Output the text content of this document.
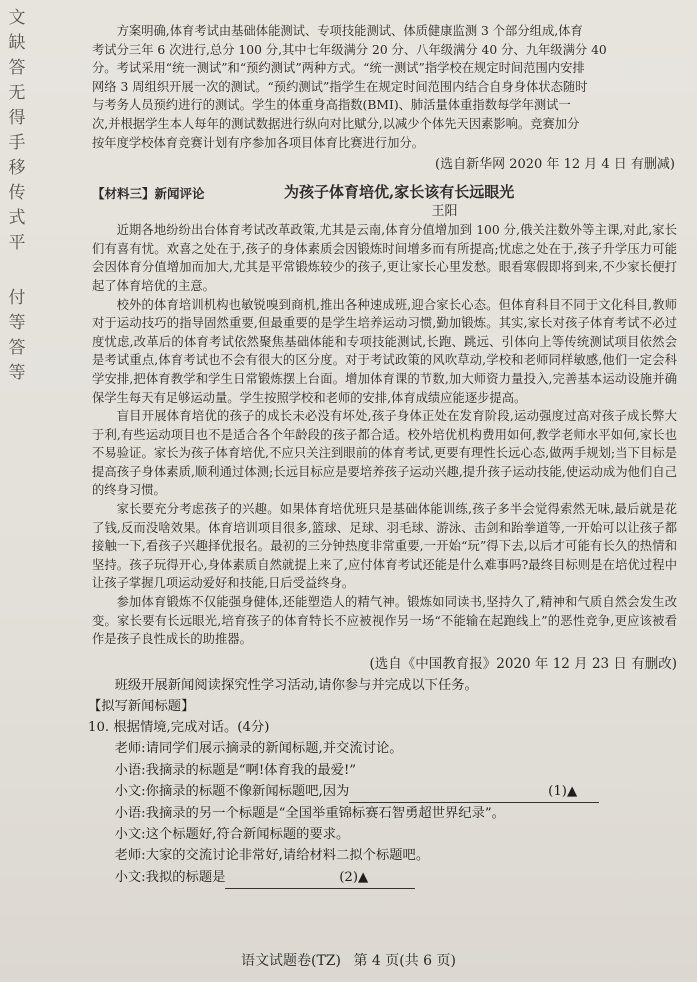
文
缺
答
无
得
手
移
传
式
平
付
等
答
等
方案明确,体育考试由基础体能测试、专项技能测试、体质健康监测 3 个部分组成,体育
考试分三年 6 次进行,总分 100 分,其中七年级满分 20 分、八年级满分 40 分、九年级满分 40
分。考试采用“统一测试”和“预约测试”两种方式。“统一测试”指学校在规定时间范围内安排
网络 3 周组织开展一次的测试。“预约测试”指学生在规定时间范围内结合自身身体状态随时
与考务人员预约进行的测试。学生的体重身高指数(BMI)、肺活量体重指数每学年测试一
次,并根据学生本人每年的测试数据进行纵向对比赋分,以减少个体先天因素影响。竞赛加分
按年度学校体育竞赛计划有序参加各项目体育比赛进行加分。
(选自新华网 2020 年 12 月 4 日 有删减)
【材料三】新闻评论	为孩子体育培优,家长该有长远眼光
王阳

近期各地纷纷出台体育考试改革政策,尤其是云南,体育分值增加到 100 分,俄关注数外等主课,对此,家长们有喜有忧。欢喜之处在于,孩子的身体素质会因锻炼时间增多而有所提高;忧虑之处在于,孩子升学压力可能会因体育分值增加而加大,尤其是平常锻炼较少的孩子,更让家长心里发愁。眼看寒假即将到来,不少家长便打起了体育培优的主意。

校外的体育培训机构也敏锐嗅到商机,推出各种速成班,迎合家长心态。但体育科目不同于文化科目,教师对于运动技巧的指导固然重要,但最重要的是学生培养运动习惯,勤加锻炼。其实,家长对孩子体育考试不必过度忧虑,改革后的体育考试依然聚焦基础体能和专项技能测试,长跑、跳远、引体向上等传统测试项目依然会是考试重点,体育考试也不会有很大的区分度。对于考试政策的风吹草动,学校和老师同样敏感,他们一定会科学安排,把体育教学和学生日常锻炼摆上台面。增加体育课的节数,加大师资力量投入,完善基本运动设施并确保学生每天有足够运动量。学生按照学校和老师的安排,体育成绩应能逐步提高。

盲目开展体育培优的孩子的成长未必没有坏处,孩子身体正处在发育阶段,运动强度过高对孩子成长弊大于利,有些运动项目也不是适合各个年龄段的孩子都合适。校外培优机构费用如何,教学老师水平如何,家长也不易验证。家长为孩子体育培优,不应只关注到眼前的体育考试,更要有理性长远心态,做两手规划;当下目标是提高孩子身体素质,顺利通过体测;长远目标应是要培养孩子运动兴趣,提升孩子运动技能,使运动成为他们自己的终身习惯。

家长要充分考虑孩子的兴趣。如果体育培优班只是基础体能训练,孩子多半会觉得索然无味,最后就是花了钱,反而没啥效果。体育培训项目很多,篮球、足球、羽毛球、游泳、击剑和跆拳道等,一开始可以让孩子都接触一下,看孩子兴趣择优报名。最初的三分钟热度非常重要,一开始“玩”得下去,以后才可能有长久的热情和坚持。孩子玩得开心,身体素质自然就提上来了,应付体育考试还能是什么难事吗?最终目标则是在培优过程中让孩子掌握几项运动爱好和技能,日后受益终身。

参加体育锻炼不仅能强身健体,还能塑造人的精气神。锻炼如同读书,坚持久了,精神和气质自然会发生改变。家长要有长远眼光,培育孩子的体育特长不应被视作另一场“不能输在起跑线上”的恶性竞争,更应该被看作是孩子良性成长的助推器。

(选自《中国教育报》2020 年 12 月 23 日 有删改)
班级开展新闻阅读探究性学习活动,请你参与并完成以下任务。
【拟写新闻标题】
10. 根据情境,完成对话。(4分)
老师:请同学们展示摘录的新闻标题,并交流讨论。
小语:我摘录的标题是“啊!体育我的最爱!”
小文:你摘录的标题不像新闻标题吧,因为	(1)▲
小语:我摘录的另一个标题是“全国举重锦标赛石智勇超世界纪录”。
小文:这个标题好,符合新闻标题的要求。
老师:大家的交流讨论非常好,请给材料二拟个标题吧。
小文:我拟的标题是	(2)▲
语文试题卷(TZ) 第 4 页(共 6 页)
